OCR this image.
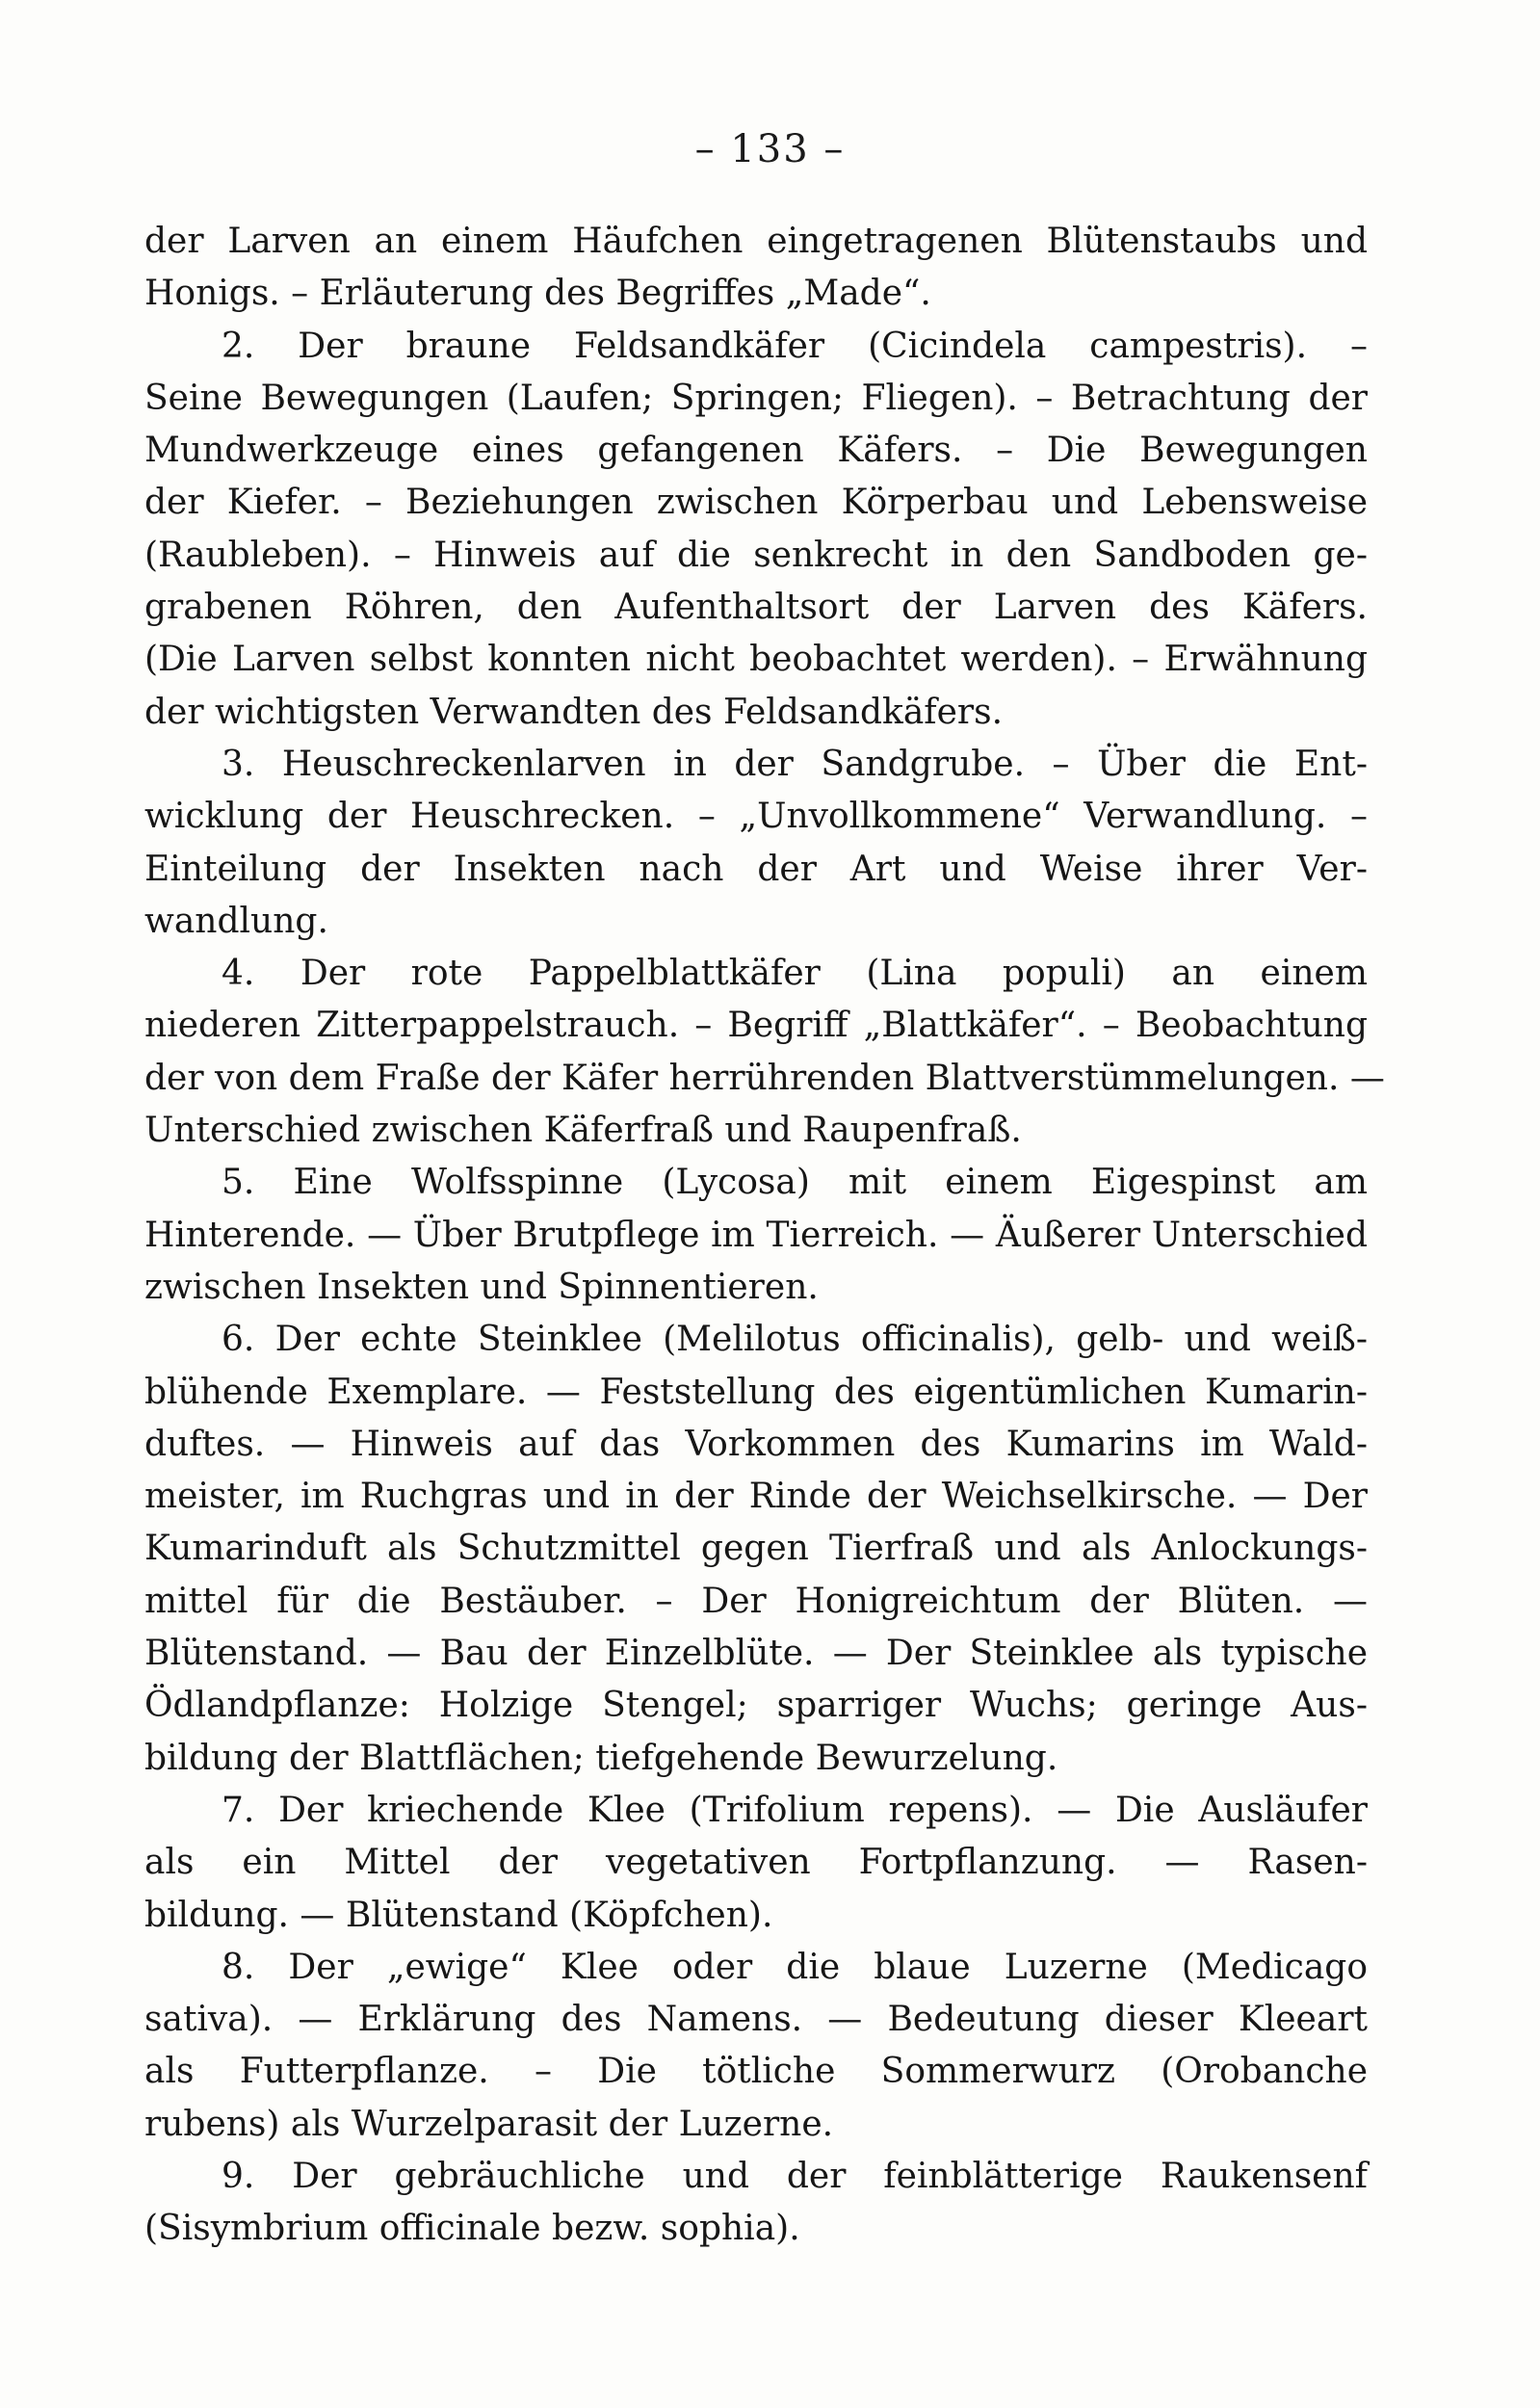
– 133 –
der Larven an einem Häufchen eingetragenen Blütenstaubs und
Honigs. – Erläuterung des Begriffes „Made“.
2. Der braune Feldsandkäfer (Cicindela campestris). –
Seine Bewegungen (Laufen; Springen; Fliegen). – Betrachtung der
Mundwerkzeuge eines gefangenen Käfers. – Die Bewegungen
der Kiefer. – Beziehungen zwischen Körperbau und Lebensweise
(Raubleben). – Hinweis auf die senkrecht in den Sandboden ge-
grabenen Röhren, den Aufenthaltsort der Larven des Käfers.
(Die Larven selbst konnten nicht beobachtet werden). – Erwähnung
der wichtigsten Verwandten des Feldsandkäfers.
3. Heuschreckenlarven in der Sandgrube. – Über die Ent-
wicklung der Heuschrecken. – „Unvollkommene“ Verwandlung. –
Einteilung der Insekten nach der Art und Weise ihrer Ver-
wandlung.
4. Der rote Pappelblattkäfer (Lina populi) an einem
niederen Zitterpappelstrauch. – Begriff „Blattkäfer“. – Beobachtung
der von dem Fraße der Käfer herrührenden Blattverstümmelungen. —
Unterschied zwischen Käferfraß und Raupenfraß.
5. Eine Wolfsspinne (Lycosa) mit einem Eigespinst am
Hinterende. — Über Brutpflege im Tierreich. — Äußerer Unterschied
zwischen Insekten und Spinnentieren.
6. Der echte Steinklee (Melilotus officinalis), gelb- und weiß-
blühende Exemplare. — Feststellung des eigentümlichen Kumarin-
duftes. — Hinweis auf das Vorkommen des Kumarins im Wald-
meister, im Ruchgras und in der Rinde der Weichselkirsche. — Der
Kumarinduft als Schutzmittel gegen Tierfraß und als Anlockungs-
mittel für die Bestäuber. – Der Honigreichtum der Blüten. —
Blütenstand. — Bau der Einzelblüte. — Der Steinklee als typische
Ödlandpflanze: Holzige Stengel; sparriger Wuchs; geringe Aus-
bildung der Blattflächen; tiefgehende Bewurzelung.
7. Der kriechende Klee (Trifolium repens). — Die Ausläufer
als ein Mittel der vegetativen Fortpflanzung. — Rasen-
bildung. — Blütenstand (Köpfchen).
8. Der „ewige“ Klee oder die blaue Luzerne (Medicago
sativa). — Erklärung des Namens. — Bedeutung dieser Kleeart
als Futterpflanze. – Die tötliche Sommerwurz (Orobanche
rubens) als Wurzelparasit der Luzerne.
9. Der gebräuchliche und der feinblätterige Raukensenf
(Sisymbrium officinale bezw. sophia).
